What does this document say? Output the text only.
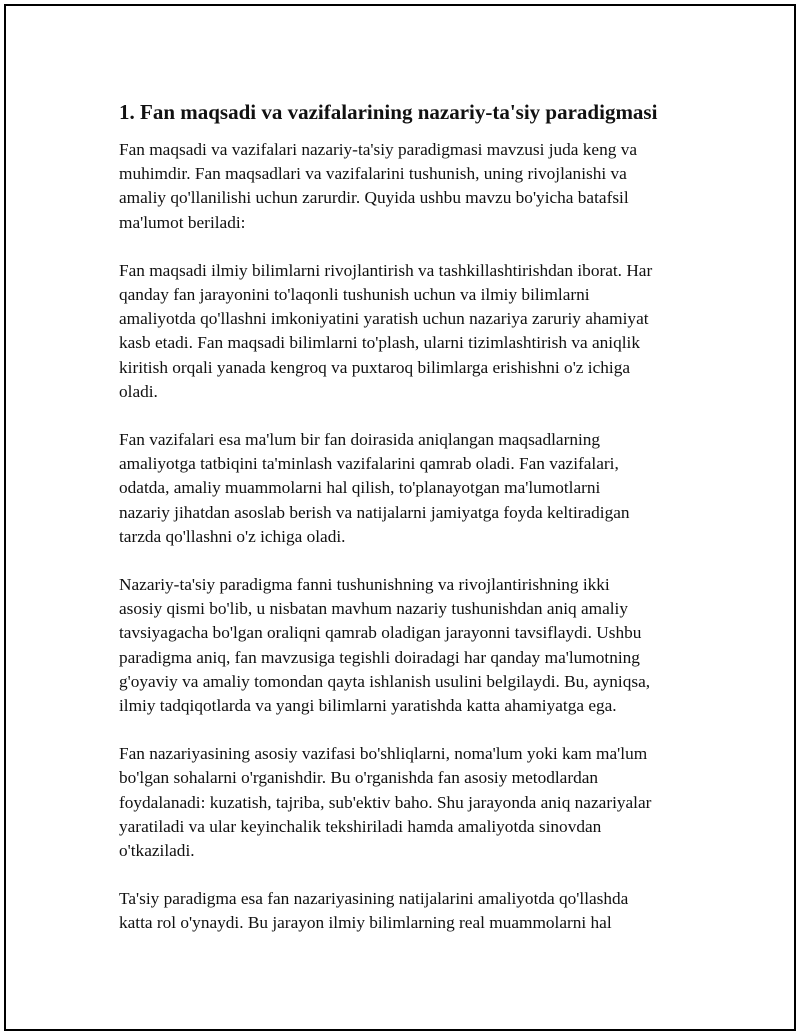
1. Fan maqsadi va vazifalarining nazariy-ta'siy paradigmasi

Fan maqsadi va vazifalari nazariy-ta'siy paradigmasi mavzusi juda keng va
muhimdir. Fan maqsadlari va vazifalarini tushunish, uning rivojlanishi va
amaliy qo'llanilishi uchun zarurdir. Quyida ushbu mavzu bo'yicha batafsil
ma'lumot beriladi:

Fan maqsadi ilmiy bilimlarni rivojlantirish va tashkillashtirishdan iborat. Har
qanday fan jarayonini to'laqonli tushunish uchun va ilmiy bilimlarni
amaliyotda qo'llashni imkoniyatini yaratish uchun nazariya zaruriy ahamiyat
kasb etadi. Fan maqsadi bilimlarni to'plash, ularni tizimlashtirish va aniqlik
kiritish orqali yanada kengroq va puxtaroq bilimlarga erishishni o'z ichiga
oladi.

Fan vazifalari esa ma'lum bir fan doirasida aniqlangan maqsadlarning
amaliyotga tatbiqini ta'minlash vazifalarini qamrab oladi. Fan vazifalari,
odatda, amaliy muammolarni hal qilish, to'planayotgan ma'lumotlarni
nazariy jihatdan asoslab berish va natijalarni jamiyatga foyda keltiradigan
tarzda qo'llashni o'z ichiga oladi.

Nazariy-ta'siy paradigma fanni tushunishning va rivojlantirishning ikki
asosiy qismi bo'lib, u nisbatan mavhum nazariy tushunishdan aniq amaliy
tavsiyagacha bo'lgan oraliqni qamrab oladigan jarayonni tavsiflaydi. Ushbu
paradigma aniq, fan mavzusiga tegishli doiradagi har qanday ma'lumotning
g'oyaviy va amaliy tomondan qayta ishlanish usulini belgilaydi. Bu, ayniqsa,
ilmiy tadqiqotlarda va yangi bilimlarni yaratishda katta ahamiyatga ega.

Fan nazariyasining asosiy vazifasi bo'shliqlarni, noma'lum yoki kam ma'lum
bo'lgan sohalarni o'rganishdir. Bu o'rganishda fan asosiy metodlardan
foydalanadi: kuzatish, tajriba, sub'ektiv baho. Shu jarayonda aniq nazariyalar
yaratiladi va ular keyinchalik tekshiriladi hamda amaliyotda sinovdan
o'tkaziladi.

Ta'siy paradigma esa fan nazariyasining natijalarini amaliyotda qo'llashda
katta rol o'ynaydi. Bu jarayon ilmiy bilimlarning real muammolarni hal
